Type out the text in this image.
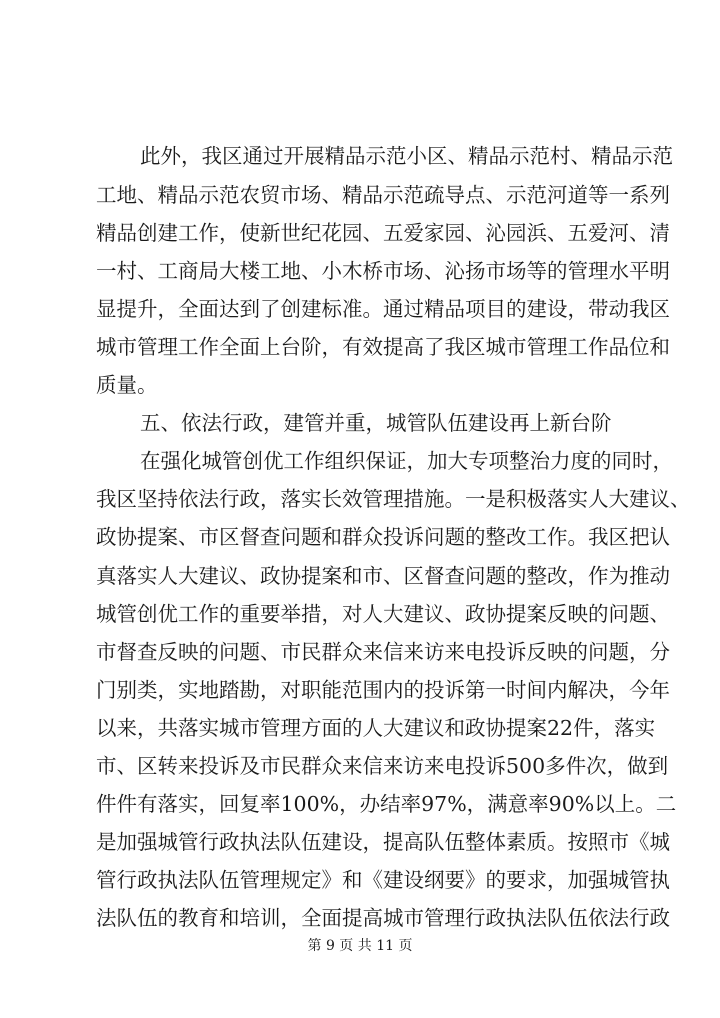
此外，我区通过开展精品示范小区、精品示范村、精品示范
工地、精品示范农贸市场、精品示范疏导点、示范河道等一系列
精品创建工作，使新世纪花园、五爱家园、沁园浜、五爱河、清
一村、工商局大楼工地、小木桥市场、沁扬市场等的管理水平明
显提升，全面达到了创建标准。通过精品项目的建设，带动我区
城市管理工作全面上台阶，有效提高了我区城市管理工作品位和
质量。
五、依法行政，建管并重，城管队伍建设再上新台阶
在强化城管创优工作组织保证，加大专项整治力度的同时，
我区坚持依法行政，落实长效管理措施。一是积极落实人大建议、
政协提案、市区督查问题和群众投诉问题的整改工作。我区把认
真落实人大建议、政协提案和市、区督查问题的整改，作为推动
城管创优工作的重要举措，对人大建议、政协提案反映的问题、
市督查反映的问题、市民群众来信来访来电投诉反映的问题，分
门别类，实地踏勘，对职能范围内的投诉第一时间内解决，今年
以来，共落实城市管理方面的人大建议和政协提案22件，落实
市、区转来投诉及市民群众来信来访来电投诉500多件次，做到
件件有落实，回复率100%，办结率97%，满意率90%以上。二
是加强城管行政执法队伍建设，提高队伍整体素质。按照市《城
管行政执法队伍管理规定》和《建设纲要》的要求，加强城管执
法队伍的教育和培训，全面提高城市管理行政执法队伍依法行政
第 9 页 共 11 页
